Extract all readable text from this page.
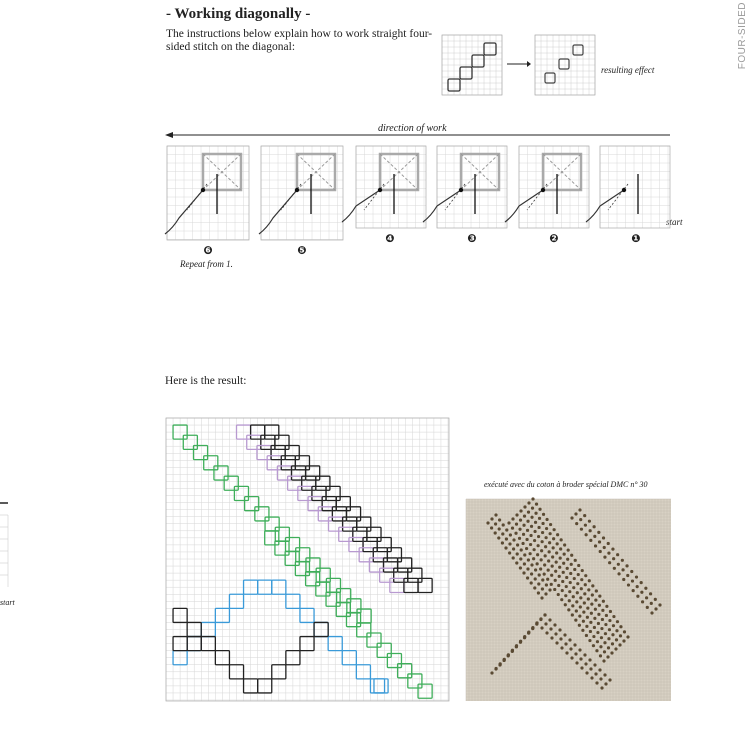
- Working diagonally -
The instructions below explain how to work straight four-sided stitch on the diagonal:	FOUR-SIDED
resulting effect
direction of work
❻	❺
❹	❸	❷	❶
Repeat from 1.
start
Here is the result:
exécuté avec du coton à broder spécial DMC n° 30
start
